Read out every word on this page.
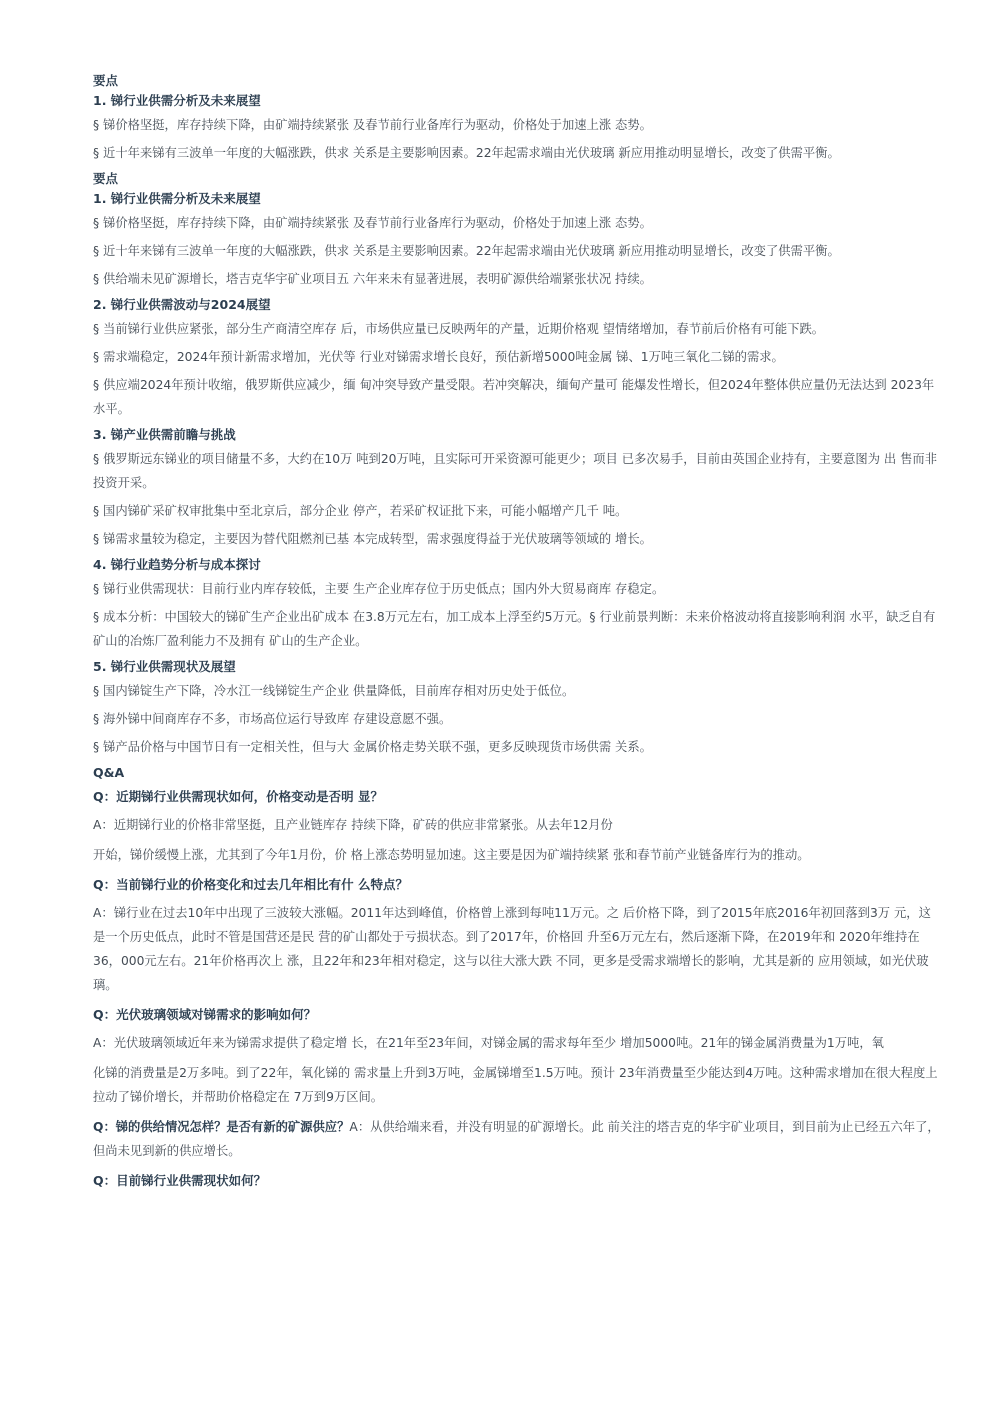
要点
1. 锑行业供需分析及未来展望

§ 锑价格坚挺，库存持续下降，由矿端持续紧张 及春节前行业备库行为驱动，价格处于加速上涨 态势。

§ 近十年来锑有三波单一年度的大幅涨跌，供求 关系是主要影响因素。22年起需求端由光伏玻璃 新应用推动明显增长，改变了供需平衡。

要点
1. 锑行业供需分析及未来展望

§ 锑价格坚挺，库存持续下降，由矿端持续紧张 及春节前行业备库行为驱动，价格处于加速上涨 态势。

§ 近十年来锑有三波单一年度的大幅涨跌，供求 关系是主要影响因素。22年起需求端由光伏玻璃 新应用推动明显增长，改变了供需平衡。

§ 供给端未见矿源增长，塔吉克华宇矿业项目五 六年来未有显著进展，表明矿源供给端紧张状况 持续。

2. 锑行业供需波动与2024展望

§ 当前锑行业供应紧张，部分生产商清空库存 后，市场供应量已反映两年的产量，近期价格观 望情绪增加，春节前后价格有可能下跌。

§ 需求端稳定，2024年预计新需求增加，光伏等 行业对锑需求增长良好，预估新增5000吨金属 锑、1万吨三氧化二锑的需求。

§ 供应端2024年预计收缩，俄罗斯供应减少，缅 甸冲突导致产量受限。若冲突解决，缅甸产量可 能爆发性增长，但2024年整体供应量仍无法达到 2023年水平。

3. 锑产业供需前瞻与挑战

§ 俄罗斯远东锑业的项目储量不多，大约在10万 吨到20万吨，且实际可开采资源可能更少；项目 已多次易手，目前由英国企业持有，主要意图为 出 售而非投资开采。

§ 国内锑矿采矿权审批集中至北京后，部分企业 停产，若采矿权证批下来，可能小幅增产几千 吨。

§ 锑需求量较为稳定，主要因为替代阻燃剂已基 本完成转型，需求强度得益于光伏玻璃等领域的 增长。

4. 锑行业趋势分析与成本探讨

§ 锑行业供需现状：目前行业内库存较低，主要 生产企业库存位于历史低点；国内外大贸易商库 存稳定。

§ 成本分析：中国较大的锑矿生产企业出矿成本 在3.8万元左右，加工成本上浮至约5万元。§ 行业前景判断：未来价格波动将直接影响利润 水平，缺乏自有矿山的冶炼厂盈利能力不及拥有 矿山的生产企业。

5. 锑行业供需现状及展望

§ 国内锑锭生产下降，冷水江一线锑锭生产企业 供量降低，目前库存相对历史处于低位。

§ 海外锑中间商库存不多，市场高位运行导致库 存建设意愿不强。

§ 锑产品价格与中国节日有一定相关性，但与大 金属价格走势关联不强，更多反映现货市场供需 关系。

Q&A

Q：近期锑行业供需现状如何，价格变动是否明 显？

A：近期锑行业的价格非常坚挺，且产业链库存 持续下降，矿砖的供应非常紧张。从去年12月份

开始，锑价缓慢上涨，尤其到了今年1月份，价 格上涨态势明显加速。这主要是因为矿端持续紧 张和春节前产业链备库行为的推动。

Q：当前锑行业的价格变化和过去几年相比有什 么特点？

A：锑行业在过去10年中出现了三波较大涨幅。2011年达到峰值，价格曾上涨到每吨11万元。之 后价格下降，到了2015年底2016年初回落到3万 元，这是一个历史低点，此时不管是国营还是民 营的矿山都处于亏损状态。到了2017年，价格回 升至6万元左右，然后逐渐下降，在2019年和 2020年维持在36，000元左右。21年价格再次上 涨，且22年和23年相对稳定，这与以往大涨大跌 不同，更多是受需求端增长的影响，尤其是新的 应用领域，如光伏玻璃。

Q：光伏玻璃领域对锑需求的影响如何？

A：光伏玻璃领域近年来为锑需求提供了稳定增 长，在21年至23年间，对锑金属的需求每年至少 增加5000吨。21年的锑金属消费量为1万吨，氧

化锑的消费量是2万多吨。到了22年，氧化锑的 需求量上升到3万吨，金属锑增至1.5万吨。预计 23年消费量至少能达到4万吨。这种需求增加在很大程度上拉动了锑价增长，并帮助价格稳定在 7万到9万区间。

Q：锑的供给情况怎样？是否有新的矿源供应？A：从供给端来看，并没有明显的矿源增长。此 前关注的塔吉克的华宇矿业项目，到目前为止已经五六年了，但尚未见到新的供应增长。

Q：目前锑行业供需现状如何？
